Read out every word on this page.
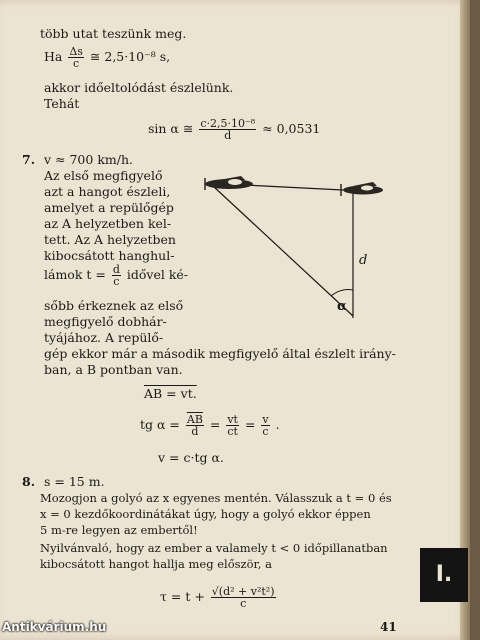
több utat teszünk meg.
Ha $\frac{\Delta s}{c}$ ≅ 2,5·10⁻⁸ s,
akkor időeltolódást észlelünk.
Tehát
sin α ≅ $\frac{\text{c·2,5·10⁻⁸}}{d} \approx 0,0531$
7. v ≈ 700 km/h.
Az első megfigyelő
azt a hangot észleli,
amelyet a repülőgép
az A helyzetben kel-
tett. Az A helyzetben
kibocsátott hanghul-
lámok $t = \frac{d}{c}$ idővel ké-
sőbb érkeznek az első
megfigyelő dobhár-
tyájához. A repülő-
gép ekkor már a második megfigyelő által észlelt irány-
ban, a B pontban van.
d
α
AB = vt.
tg $\alpha = \frac{\overline{AB}}{d} = \frac{vt}{ct} = \frac{v}{c}$ .
v = c·tg α.
8. s = 15 m.
Mozogjon a golyó az x egyenes mentén. Válasszuk a t = 0 és
x = 0 kezdőkoordinátákat úgy, hogy a golyó ekkor éppen
5 m-re legyen az embertől!
Nyilvánvaló, hogy az ember a valamely t < 0 időpillanatban
kibocsátott hangot hallja meg először, a
$\tau = t + \frac{\text{√(d² + v²t²)}}{c}$
I.
41
Antikvárium.hu
